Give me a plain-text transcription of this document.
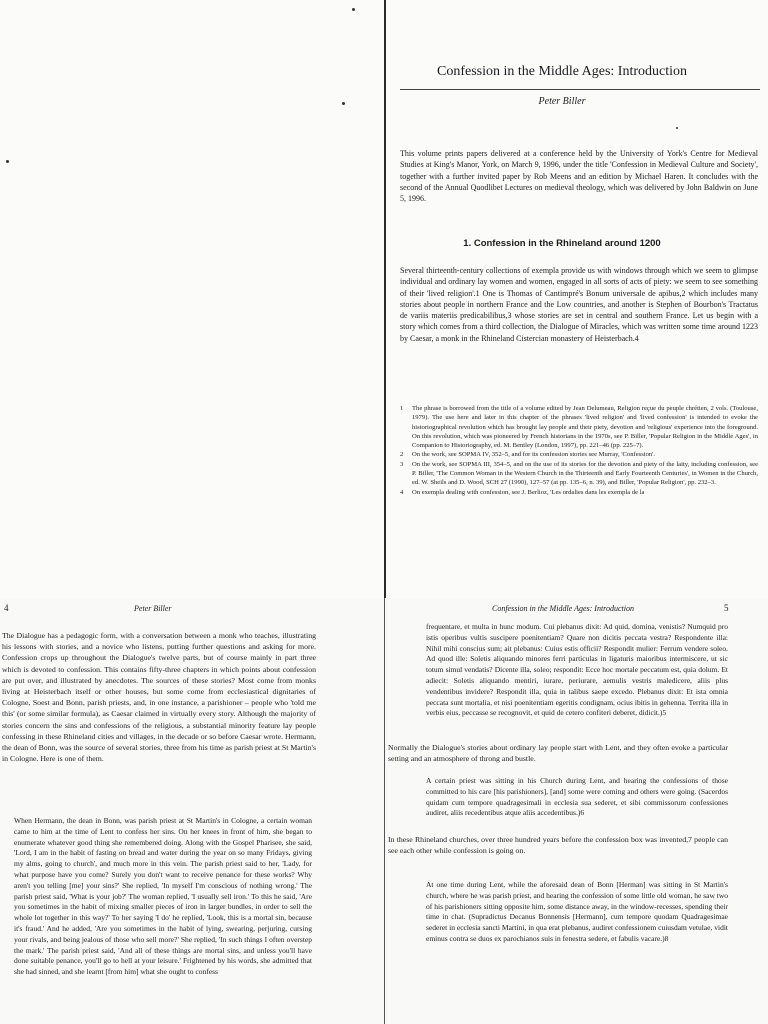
Confession in the Middle Ages: Introduction
Peter Biller

This volume prints papers delivered at a conference held by the University of York's Centre for Medieval Studies at King's Manor, York, on March 9, 1996, under the title 'Confession in Medieval Culture and Society', together with a further invited paper by Rob Meens and an edition by Michael Haren. It concludes with the second of the Annual Quodlibet Lectures on medieval theology, which was delivered by John Baldwin on June 5, 1996.

1. Confession in the Rhineland around 1200

Several thirteenth-century collections of exempla provide us with windows through which we seem to glimpse individual and ordinary lay women and women, engaged in all sorts of acts of piety: we seem to see something of their 'lived religion'.1 One is Thomas of Cantimpré's Bonum universale de apibus,2 which includes many stories about people in northern France and the Low countries, and another is Stephen of Bourbon's Tractatus de variis materiis predicabilibus,3 whose stories are set in central and southern France. Let us begin with a story which comes from a third collection, the Dialogue of Miracles, which was written some time around 1223 by Caesar, a monk in the Rhineland Cistercian monastery of Heisterbach.4

1 The phrase is borrowed from the title of a volume edited by Jean Delumeau, Religion reçue du peuple chrétien, 2 vols. (Toulouse, 1979). The use here and later in this chapter of the phrases 'lived religion' and 'lived confession' is intended to evoke the historiographical revolution which has brought lay people and their piety, devotion and 'religious' experience into the foreground. On this revolution, which was pioneered by French historians in the 1970s, see P. Biller, 'Popular Religion in the Middle Ages', in Companion to Historiography, ed. M. Bentley (London, 1997), pp. 221–46 (pp. 225–7).
2 On the work, see SOPMA IV, 352–5, and for its confession stories see Murray, 'Confession'.
3 On the work, see SOPMA III, 354–5, and on the use of its stories for the devotion and piety of the laity, including confession, see P. Biller, 'The Common Woman in the Western Church in the Thirteenth and Early Fourteenth Centuries', in Women in the Church, ed. W. Sheils and D. Wood, SCH 27 (1990), 127–57 (at pp. 135–6, n. 39), and Biller, 'Popular Religion', pp. 232–3.
4 On exempla dealing with confession, see J. Berlioz, 'Les ordalies dans les exempla de la
4	Peter Biller

The Dialogue has a pedagogic form, with a conversation between a monk who teaches, illustrating his lessons with stories, and a novice who listens, putting further questions and asking for more. Confession crops up throughout the Dialogue's twelve parts, but of course mainly in part three which is devoted to confession. This contains fifty-three chapters in which points about confession are put over, and illustrated by anecdotes. The sources of these stories? Most come from monks living at Heisterbach itself or other houses, but some come from ecclesiastical dignitaries of Cologne, Soest and Bonn, parish priests, and, in one instance, a parishioner – people who 'told me this' (or some similar formula), as Caesar claimed in virtually every story. Although the majority of stories concern the sins and confessions of the religious, a substantial minority feature lay people confessing in these Rhineland cities and villages, in the decade or so before Caesar wrote. Hermann, the dean of Bonn, was the source of several stories, three from his time as parish priest at St Martin's in Cologne. Here is one of them.

When Hermann, the dean in Bonn, was parish priest at St Martin's in Cologne, a certain woman came to him at the time of Lent to confess her sins. On her knees in front of him, she began to enumerate whatever good thing she remembered doing. Along with the Gospel Pharisee, she said, 'Lord, I am in the habit of fasting on bread and water during the year on so many Fridays, giving my alms, going to church', and much more in this vein. The parish priest said to her, 'Lady, for what purpose have you come? Surely you don't want to receive penance for these works? Why aren't you telling [me] your sins?' She replied, 'In myself I'm conscious of nothing wrong.' The parish priest said, 'What is your job?' The woman replied, 'I usually sell iron.' To this he said, 'Are you sometimes in the habit of mixing smaller pieces of iron in larger bundles, in order to sell the whole lot together in this way?' To her saying 'I do' he replied, 'Look, this is a mortal sin, because it's fraud.' And he added, 'Are you sometimes in the habit of lying, swearing, perjuring, cursing your rivals, and being jealous of those who sell more?' She replied, 'In such things I often overstep the mark.' The parish priest said, 'And all of these things are mortal sins, and unless you'll have done suitable penance, you'll go to hell at your leisure.' Frightened by his words, she admitted that she had sinned, and she learnt [from him] what she ought to confess

Confession in the Middle Ages: Introduction	5

frequentare, et multa in hunc modum. Cui plebanus dixit: Ad quid, domina, venistis? Numquid pro istis operibus vultis suscipere poenitentiam? Quare non dicitis peccata vestra? Respondente illa: Nihil mihi conscius sum; ait plebanus: Cuius estis officii? Respondit mulier: Ferrum vendere soleo. Ad quod ille: Soletis aliquando minores ferri particulas in ligaturis maioribus intermiscere, ut sic totum simul vendatis? Dicente illa, soleo; respondit: Ecce hoc mortale peccatum est, quia dolum. Et adiecit: Soletis aliquando mentiri, iurare, periurare, aemulis vestris maledicere, aliis plus vendentibus invidere? Respondit illa, quia in talibus saepe excedo. Plebanus dixit: Et ista omnia peccata sunt mortalia, et nisi poenitentiam egeritis condignam, ocius ibitis in gehenna. Territa illa in verbis eius, peccasse se recognovit, et quid de cetero confiteri deberet, didicit.)5

Normally the Dialogue's stories about ordinary lay people start with Lent, and they often evoke a particular setting and an atmosphere of throng and bustle.

A certain priest was sitting in his Church during Lent, and hearing the confessions of those committed to his care [his parishioners], [and] some were coming and others were going. (Sacerdos quidam cum tempore quadragesimali in ecclesia sua sederet, et sibi commissorum confessiones audiret, aliis recedentibus atque aliis accedentibus.)6

In these Rhineland churches, over three hundred years before the confession box was invented,7 people can see each other while confession is going on.

At one time during Lent, while the aforesaid dean of Bonn [Herman] was sitting in St Martin's church, where he was parish priest, and hearing the confession of some little old woman, he saw two of his parishioners sitting opposite him, some distance away, in the window-recesses, spending their time in chat. (Supradictus Decanus Bonnensis [Hermann], cum tempore quodam Quadragesimae sederet in ecclesia sancti Martini, in qua erat plebanus, audiret confessionem cuiusdam vetulae, vidit eminus contra se duos ex parochianos suis in fenestra sedere, et fabulis vacare.)8
